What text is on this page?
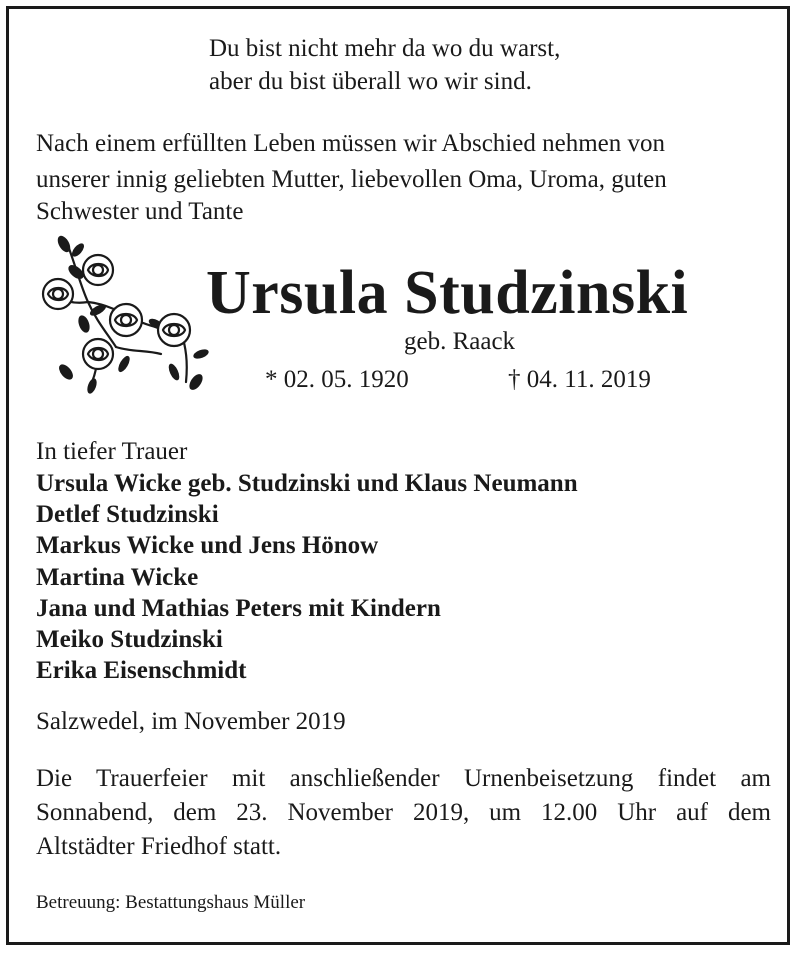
Du bist nicht mehr da wo du warst,
aber du bist überall wo wir sind.
Nach einem erfüllten Leben müssen wir Abschied nehmen von
unserer innig geliebten Mutter, liebevollen Oma, Uroma, guten
Schwester und Tante
Ursula Studzinski
geb. Raack
* 02. 05. 1920	† 04. 11. 2019
In tiefer Trauer
Ursula Wicke geb. Studzinski und Klaus Neumann
Detlef Studzinski
Markus Wicke und Jens Hönow
Martina Wicke
Jana und Mathias Peters mit Kindern
Meiko Studzinski
Erika Eisenschmidt
Salzwedel, im November 2019
Die Trauerfeier mit anschließender Urnenbeisetzung findet am
Sonnabend, dem 23. November 2019, um 12.00 Uhr auf dem
Altstädter Friedhof statt.
Betreuung: Bestattungshaus Müller
